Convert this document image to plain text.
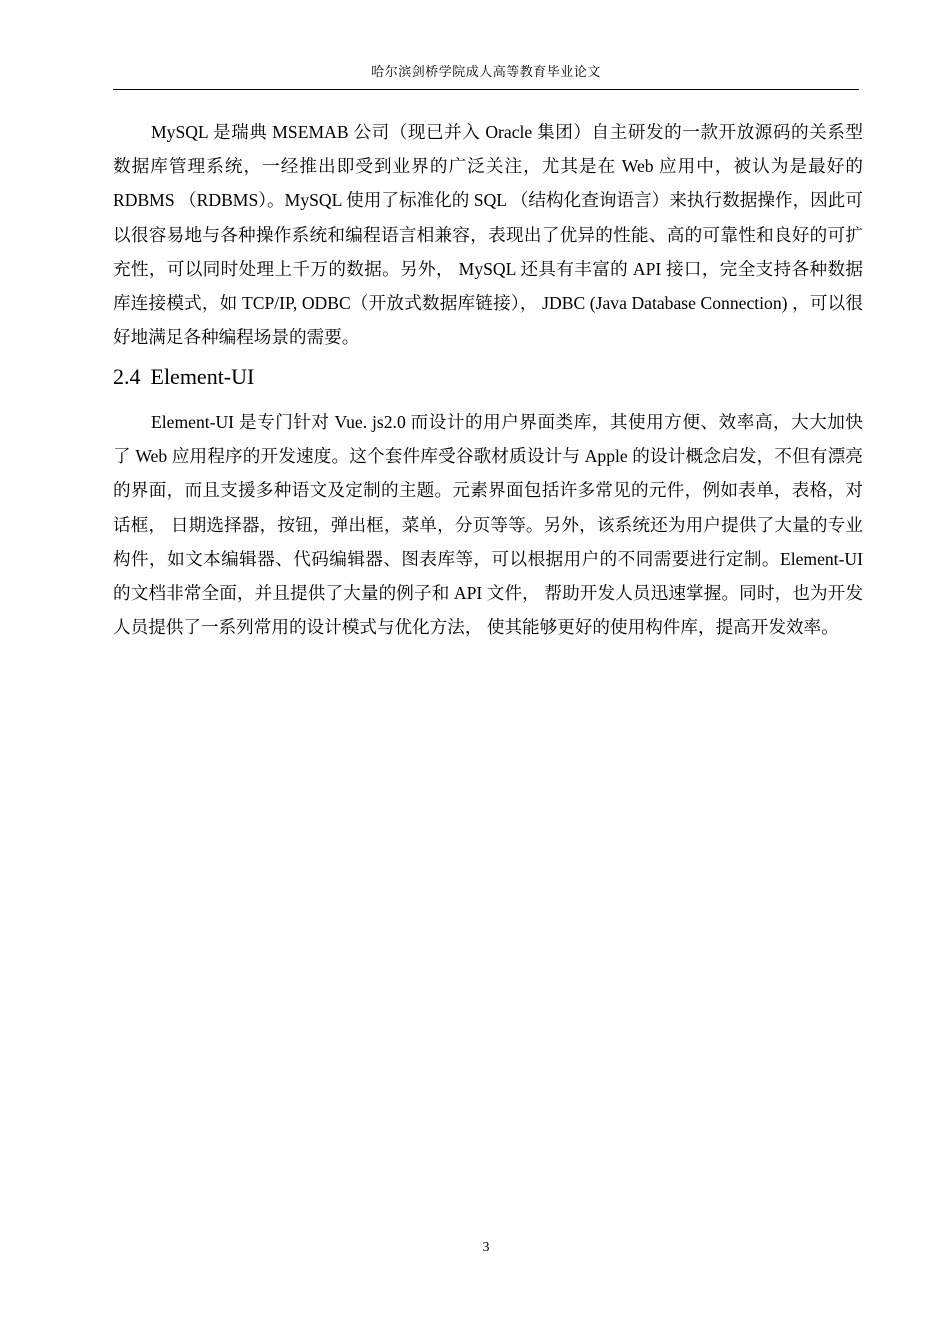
哈尔滨剑桥学院成人高等教育毕业论文

MySQL 是瑞典 MSEMAB 公司（现已并入 Oracle 集团）自主研发的一款开放源码的关系型数据库管理系统，一经推出即受到业界的广泛关注，尤其是在 Web 应用中，被认为是最好的 RDBMS （RDBMS）。MySQL 使用了标准化的 SQL （结构化查询语言）来执行数据操作，因此可以很容易地与各种操作系统和编程语言相兼容，表现出了优异的性能、高的可靠性和良好的可扩充性，可以同时处理上千万的数据。另外， MySQL 还具有丰富的 API 接口，完全支持各种数据库连接模式，如 TCP/IP, ODBC（开放式数据库链接）， JDBC (Java Database Connection) ，可以很好地满足各种编程场景的需要。

2.4 Element-UI

Element-UI 是专门针对 Vue. js2.0 而设计的用户界面类库，其使用方便、效率高，大大加快了 Web 应用程序的开发速度。这个套件库受谷歌材质设计与 Apple 的设计概念启发，不但有漂亮的界面，而且支援多种语文及定制的主题。元素界面包括许多常见的元件，例如表单，表格，对话框， 日期选择器，按钮，弹出框，菜单，分页等等。另外，该系统还为用户提供了大量的专业构件，如文本编辑器、代码编辑器、图表库等，可以根据用户的不同需要进行定制。Element-UI 的文档非常全面，并且提供了大量的例子和 API 文件， 帮助开发人员迅速掌握。同时，也为开发人员提供了一系列常用的设计模式与优化方法， 使其能够更好的使用构件库，提高开发效率。

3
